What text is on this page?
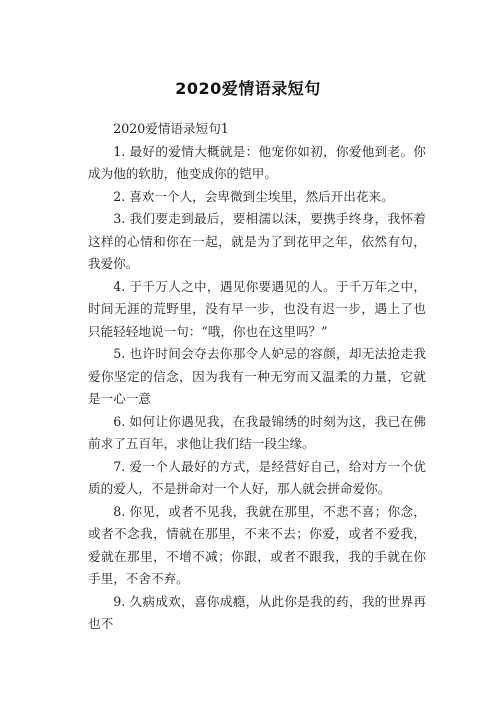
2020爱情语录短句

2020爱情语录短句1

1. 最好的爱情大概就是：他宠你如初，你爱他到老。你成为他的软肋，他变成你的铠甲。

2. 喜欢一个人，会卑微到尘埃里，然后开出花来。

3. 我们要走到最后，要相濡以沫，要携手终身，我怀着这样的心情和你在一起，就是为了到花甲之年，依然有句，我爱你。

4. 于千万人之中，遇见你要遇见的人。于千万年之中，时间无涯的荒野里，没有早一步，也没有迟一步，遇上了也只能轻轻地说一句：“哦，你也在这里吗？”

5. 也许时间会夺去你那令人妒忌的容颜，却无法抢走我爱你坚定的信念，因为我有一种无穷而又温柔的力量，它就是一心一意

6. 如何让你遇见我，在我最锦绣的时刻为这，我已在佛前求了五百年，求他让我们结一段尘缘。

7. 爱一个人最好的方式，是经营好自己，给对方一个优质的爱人，不是拼命对一个人好，那人就会拼命爱你。

8. 你见，或者不见我，我就在那里，不悲不喜；你念，或者不念我，情就在那里，不来不去；你爱，或者不爱我，爱就在那里，不增不减；你跟，或者不跟我，我的手就在你手里，不舍不弃。

9. 久病成欢，喜你成瘾，从此你是我的药，我的世界再也不
